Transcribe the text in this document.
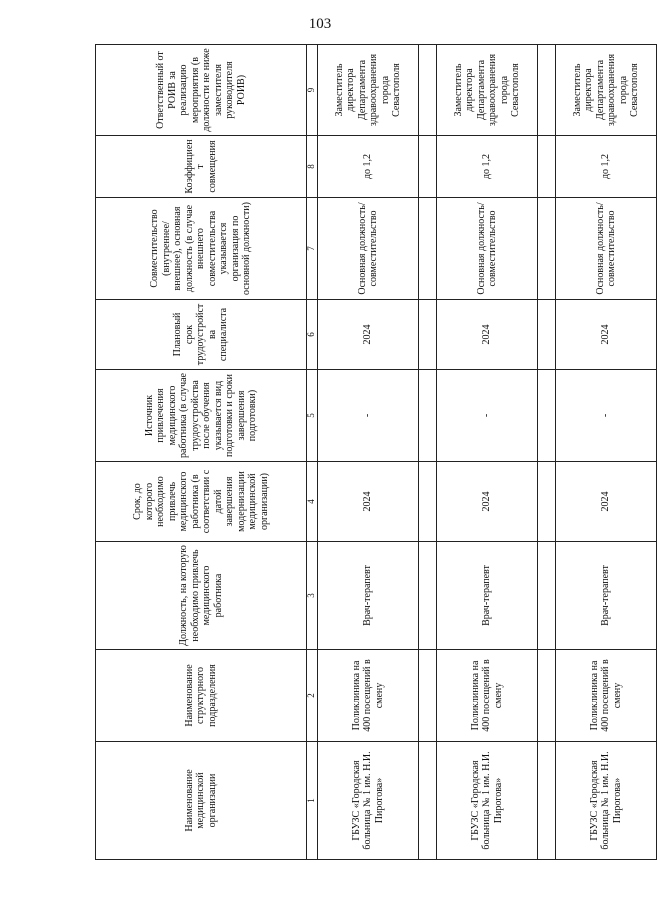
103
Наименование медицинской организации	Наименование структурного подразделения	Должность, на которую необходимо привлечь медицинского работника	Срок, до которого необходимо привлечь медицинского работника (в соответствии с датой завершения модернизации медицинской организации)	Источник привлечения медицинского работника (в случае трудоустройства после обучения указывается вид подготовки и сроки завершения подготовки)	Плановый срок трудоустройства специалиста	Совместительство (внутреннее/внешнее), основная должность (в случае внешнего совместительства указывается организация по основной должности)	Коэффициент совмещения	Ответственный от РОИВ за реализацию мероприятия (в должности не ниже заместителя руководителя РОИВ)
1	2	3	4	5	6	7	8	9
ГБУЗС «Городская больница № 1 им. Н.И. Пирогова»	Поликлиника на 400 посещений в смену	Врач-терапевт	2024	-	2024	Основная должность/ совместительство	до 1,2	Заместитель директора Департамента здравоохранения города Севастополя

ГБУЗС «Городская больница № 1 им. Н.И. Пирогова»	Поликлиника на 400 посещений в смену	Врач-терапевт	2024	-	2024	Основная должность/ совместительство	до 1,2	Заместитель директора Департамента здравоохранения города Севастополя

ГБУЗС «Городская больница № 1 им. Н.И. Пирогова»	Поликлиника на 400 посещений в смену	Врач-терапевт	2024	-	2024	Основная должность/ совместительство	до 1,2	Заместитель директора Департамента здравоохранения города Севастополя
